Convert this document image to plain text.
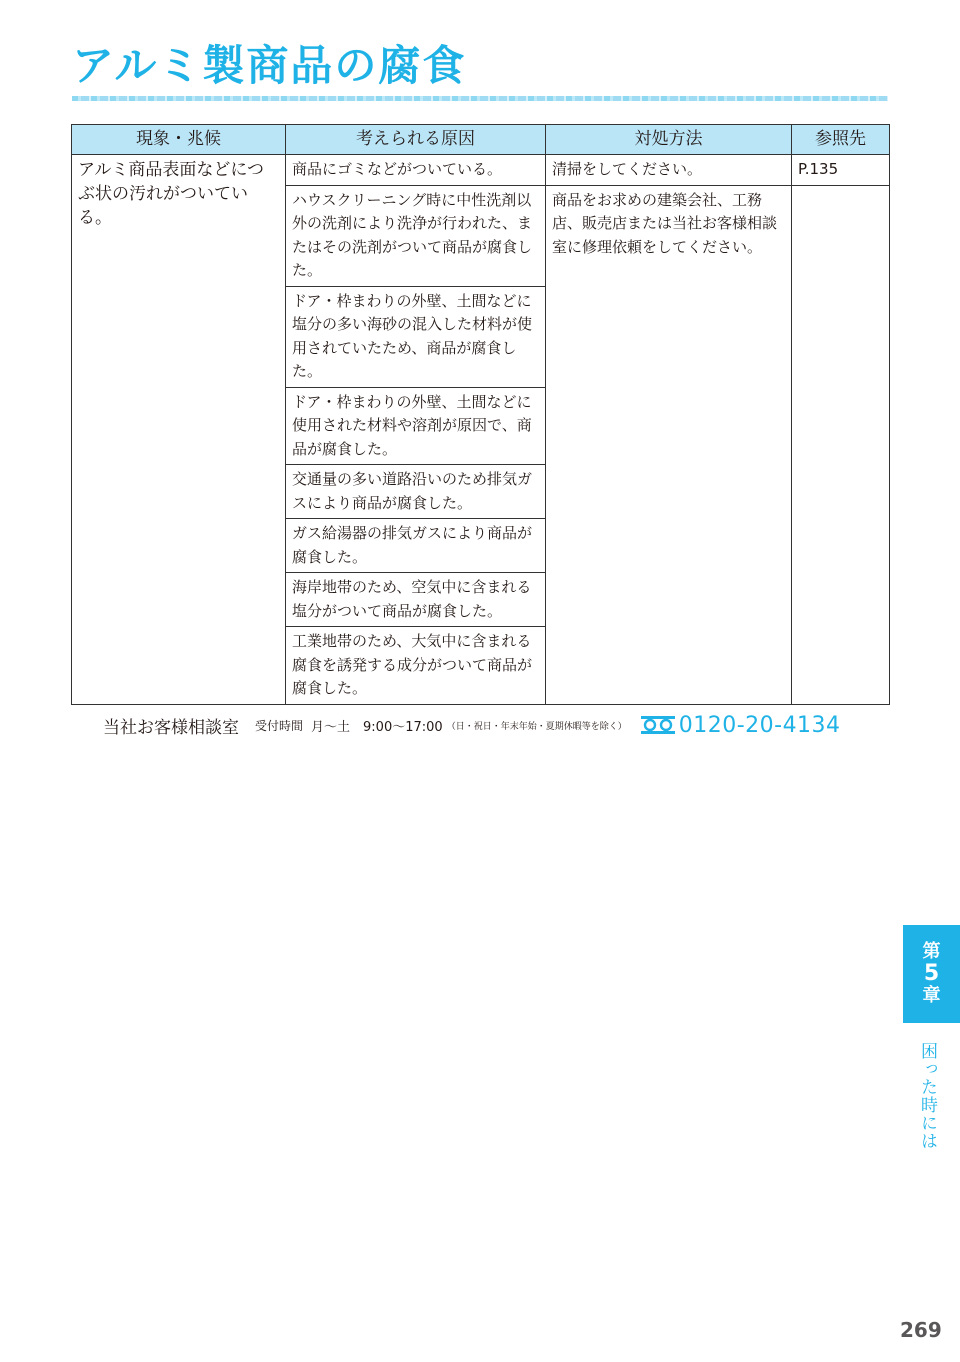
アルミ製商品の腐食
現象・兆候	考えられる原因	対処方法	参照先
アルミ商品表面などにつぶ状の汚れがついている。	商品にゴミなどがついている。	清掃をしてください。	P.135
	ハウスクリーニング時に中性洗剤以外の洗剤により洗浄が行われた、またはその洗剤がついて商品が腐食した。	商品をお求めの建築会社、工務店、販売店または当社お客様相談室に修理依頼をしてください。	
	ドア・枠まわりの外壁、土間などに塩分の多い海砂の混入した材料が使用されていたため、商品が腐食した。		
	ドア・枠まわりの外壁、土間などに使用された材料や溶剤が原因で、商品が腐食した。		
	交通量の多い道路沿いのため排気ガスにより商品が腐食した。		
	ガス給湯器の排気ガスにより商品が腐食した。		
	海岸地帯のため、空気中に含まれる塩分がついて商品が腐食した。		
	工業地帯のため、大気中に含まれる腐食を誘発する成分がついて商品が腐食した。		
当社お客様相談室 受付時間 月〜土　9:00〜17:00 （日・祝日・年末年始・夏期休暇等を除く） 0120-20-4134
第
5
章
困った時には
269
